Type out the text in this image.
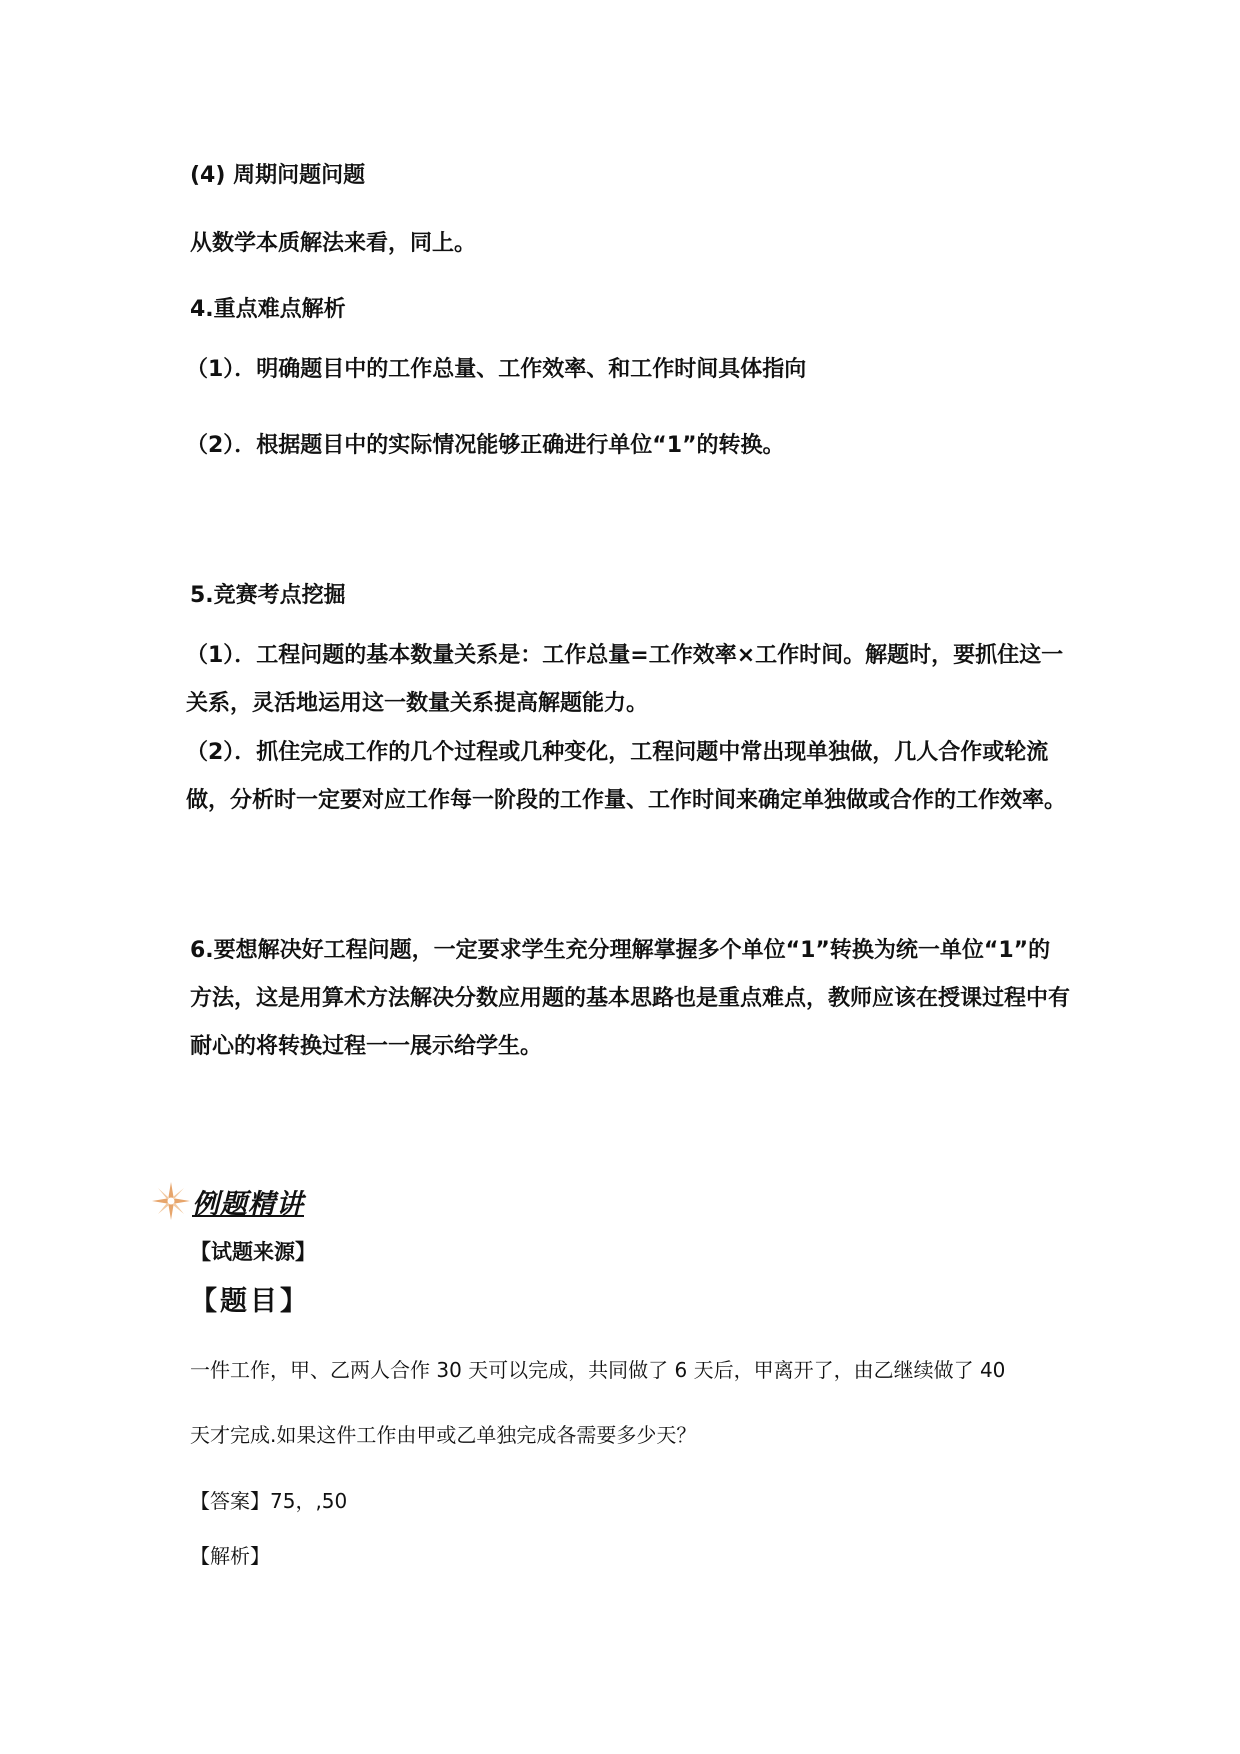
(4) 周期问题问题
从数学本质解法来看，同上。
4.重点难点解析
（1）．明确题目中的工作总量、工作效率、和工作时间具体指向
（2）．根据题目中的实际情况能够正确进行单位“1”的转换。
5.竞赛考点挖掘
（1）．工程问题的基本数量关系是：工作总量=工作效率×工作时间。解题时，要抓住这一关系，灵活地运用这一数量关系提高解题能力。
（2）．抓住完成工作的几个过程或几种变化，工程问题中常出现单独做，几人合作或轮流做，分析时一定要对应工作每一阶段的工作量、工作时间来确定单独做或合作的工作效率。
6.要想解决好工程问题，一定要求学生充分理解掌握多个单位“1”转换为统一单位“1”的方法，这是用算术方法解决分数应用题的基本思路也是重点难点，教师应该在授课过程中有耐心的将转换过程一一展示给学生。
例题精讲
【试题来源】
【题目】
一件工作，甲、乙两人合作 30 天可以完成，共同做了 6 天后，甲离开了，由乙继续做了 40
天才完成.如果这件工作由甲或乙单独完成各需要多少天？
【答案】75，,50
【解析】
